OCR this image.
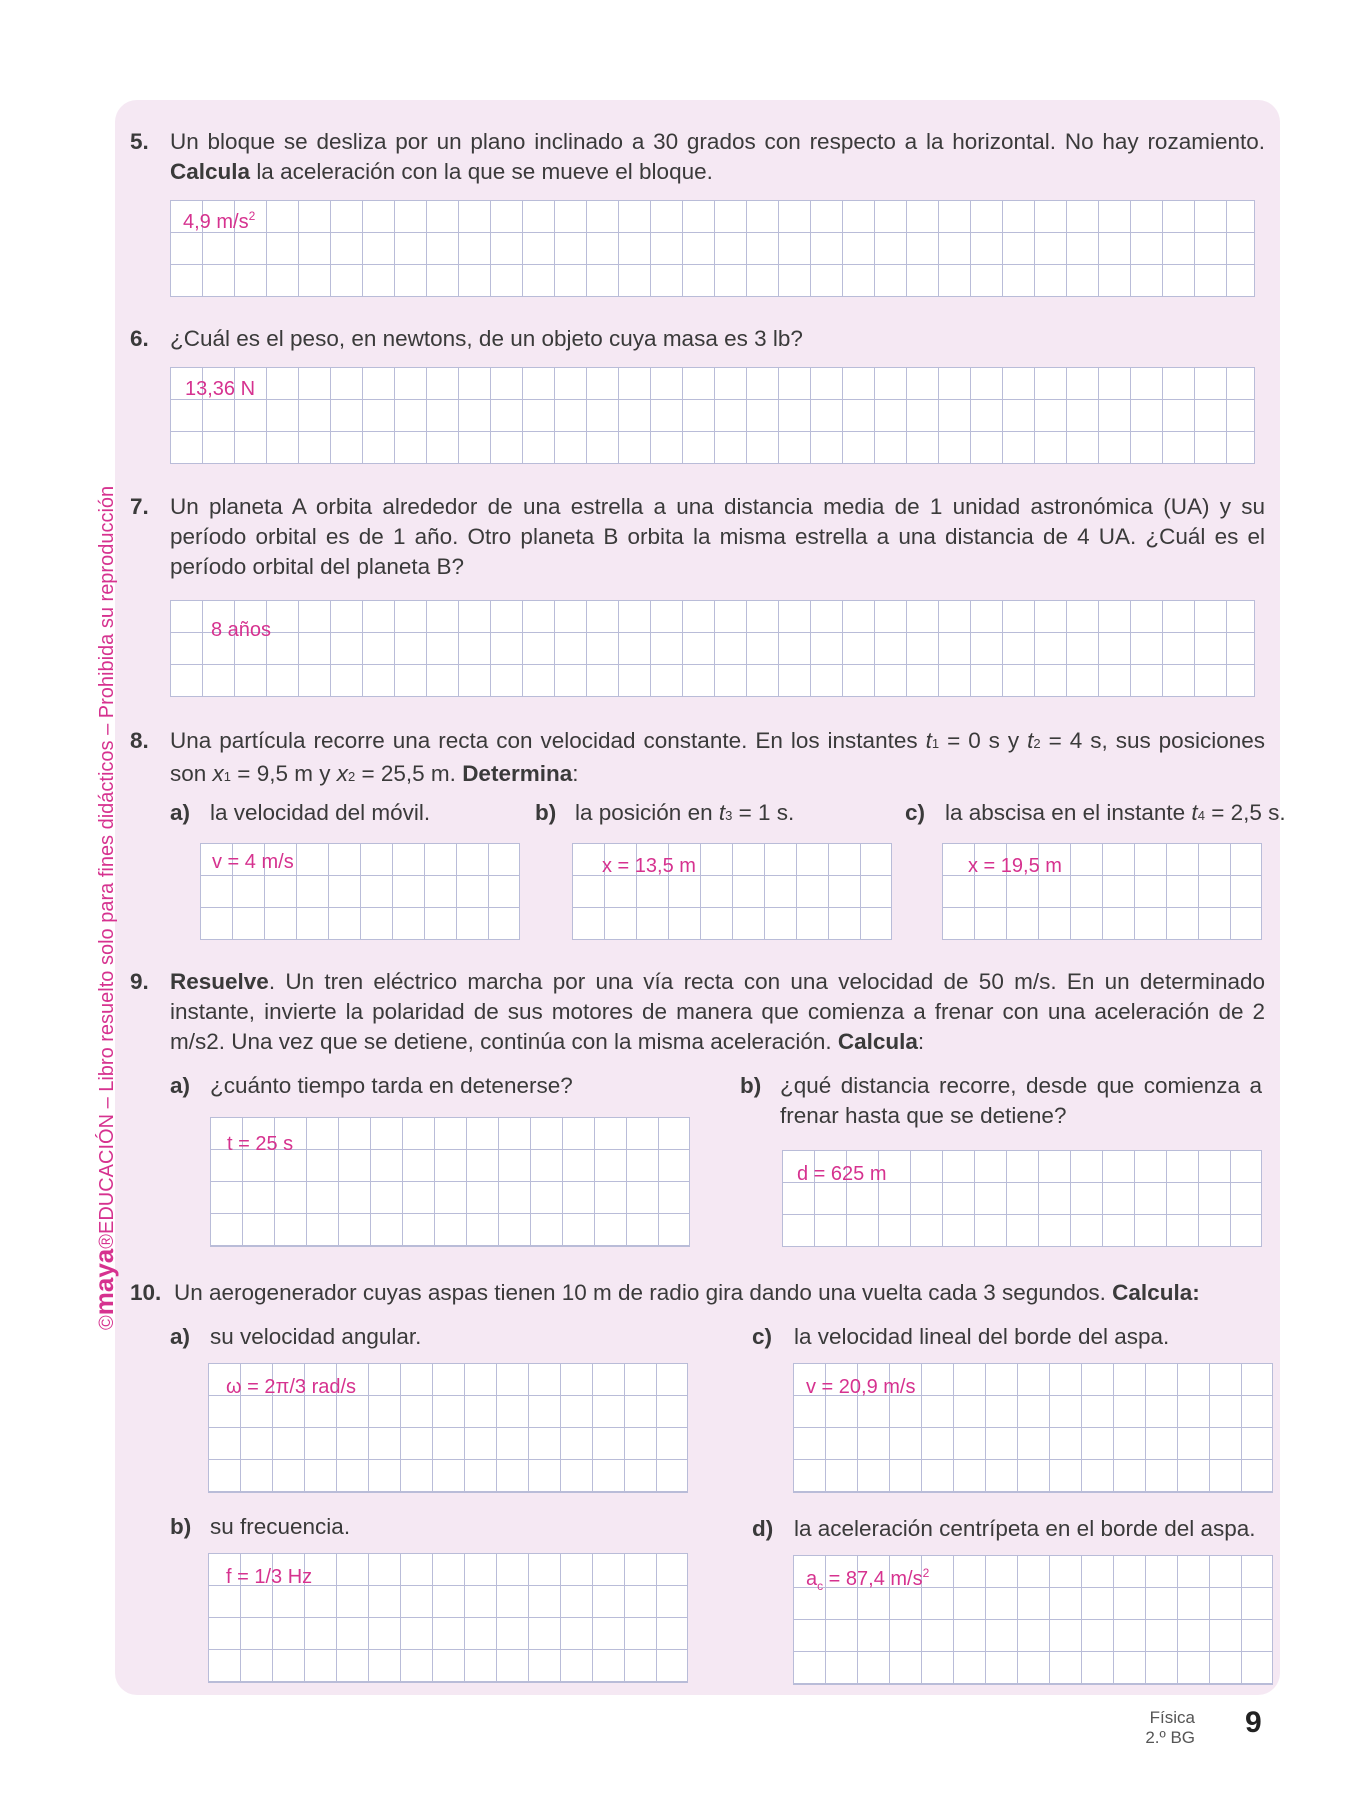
©maya®EDUCACIÓN – Libro resuelto solo para fines didácticos – Prohibida su reproducción
5. Un bloque se desliza por un plano inclinado a 30 grados con respecto a la horizontal. No hay rozamiento. Calcula la aceleración con la que se mueve el bloque.
4,9 $m/s^2$
6. ¿Cuál es el peso, en newtons, de un objeto cuya masa es 3 lb?
13,36 N
7. Un planeta A orbita alrededor de una estrella a una distancia media de 1 unidad astronómica (UA) y su período orbital es de 1 año. Otro planeta B orbita la misma estrella a una distancia de 4 UA. ¿Cuál es el período orbital del planeta B?
8 años
8. Una partícula recorre una recta con velocidad constante. En los instantes t1 = 0 s y t2 = 4 s, sus posiciones son x1 = 9,5 m y x2 = 25,5 m. Determina:
a) la velocidad del móvil.	b) la posición en t3 = 1 s.	c) la abscisa en el instante t4 = 2,5 s.
v = 4 m/s	x = 13,5 m	x = 19,5 m
9. Resuelve. Un tren eléctrico marcha por una vía recta con una velocidad de 50 m/s. En un determinado instante, invierte la polaridad de sus motores de manera que comienza a frenar con una aceleración de 2 m/s2. Una vez que se detiene, continúa con la misma aceleración. Calcula:
a) ¿cuánto tiempo tarda en detenerse?	b) ¿qué distancia recorre, desde que comienza a frenar hasta que se detiene?
t = 25 s
d = 625 m
10. Un aerogenerador cuyas aspas tienen 10 m de radio gira dando una vuelta cada 3 segundos. Calcula:
a) su velocidad angular.	c) la velocidad lineal del borde del aspa.
ω = 2π/3 rad/s	v = 20,9 m/s
b) su frecuencia.	d) la aceleración centrípeta en el borde del aspa.
f = 1/3 Hz	$a_c = 87,4$ $m/s^2$
Física
2.º BG 9
